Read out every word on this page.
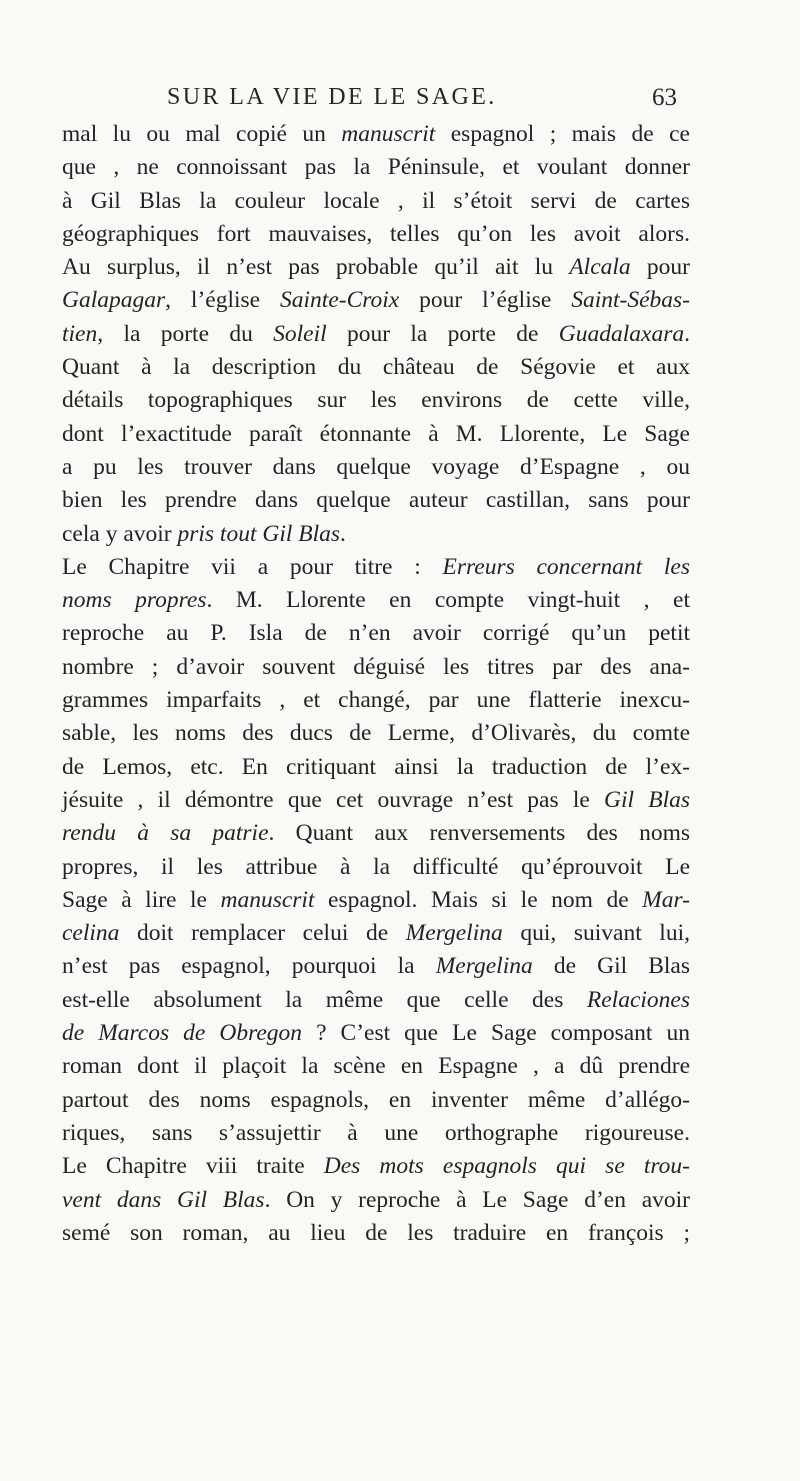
SUR LA VIE DE LE SAGE.	63
mal lu ou mal copié un manuscrit espagnol ; mais de ce
que , ne connoissant pas la Péninsule, et voulant donner
à Gil Blas la couleur locale , il s’étoit servi de cartes
géographiques fort mauvaises, telles qu’on les avoit alors.
Au surplus, il n’est pas probable qu’il ait lu Alcala pour
Galapagar, l’église Sainte-Croix pour l’église Saint-Sébas-
tien, la porte du Soleil pour la porte de Guadalaxara.
Quant à la description du château de Ségovie et aux
détails topographiques sur les environs de cette ville,
dont l’exactitude paraît étonnante à M. Llorente, Le Sage
a pu les trouver dans quelque voyage d’Espagne , ou
bien les prendre dans quelque auteur castillan, sans pour
cela y avoir pris tout Gil Blas.
Le Chapitre vii a pour titre : Erreurs concernant les
noms propres. M. Llorente en compte vingt-huit , et
reproche au P. Isla de n’en avoir corrigé qu’un petit
nombre ; d’avoir souvent déguisé les titres par des ana-
grammes imparfaits , et changé, par une flatterie inexcu-
sable, les noms des ducs de Lerme, d’Olivarès, du comte
de Lemos, etc. En critiquant ainsi la traduction de l’ex-
jésuite , il démontre que cet ouvrage n’est pas le Gil Blas
rendu à sa patrie. Quant aux renversements des noms
propres, il les attribue à la difficulté qu’éprouvoit Le
Sage à lire le manuscrit espagnol. Mais si le nom de Mar-
celina doit remplacer celui de Mergelina qui, suivant lui,
n’est pas espagnol, pourquoi la Mergelina de Gil Blas
est-elle absolument la même que celle des Relaciones
de Marcos de Obregon ? C’est que Le Sage composant un
roman dont il plaçoit la scène en Espagne , a dû prendre
partout des noms espagnols, en inventer même d’allégo-
riques, sans s’assujettir à une orthographe rigoureuse.
Le Chapitre viii traite Des mots espagnols qui se trou-
vent dans Gil Blas. On y reproche à Le Sage d’en avoir
semé son roman, au lieu de les traduire en françois ;
